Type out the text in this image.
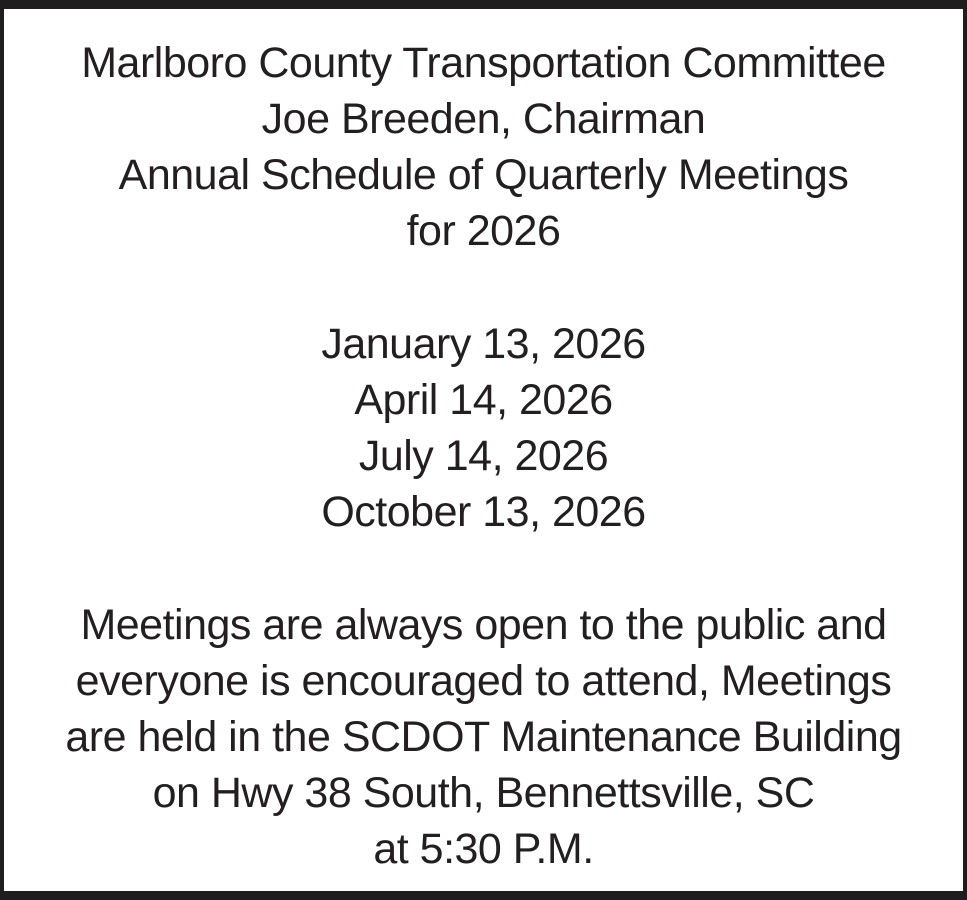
Marlboro County Transportation Committee
Joe Breeden, Chairman
Annual Schedule of Quarterly Meetings
for 2026
January 13, 2026
April 14, 2026
July 14, 2026
October 13, 2026
Meetings are always open to the public and
everyone is encouraged to attend, Meetings
are held in the SCDOT Maintenance Building
on Hwy 38 South, Bennettsville, SC
at 5:30 P.M.
